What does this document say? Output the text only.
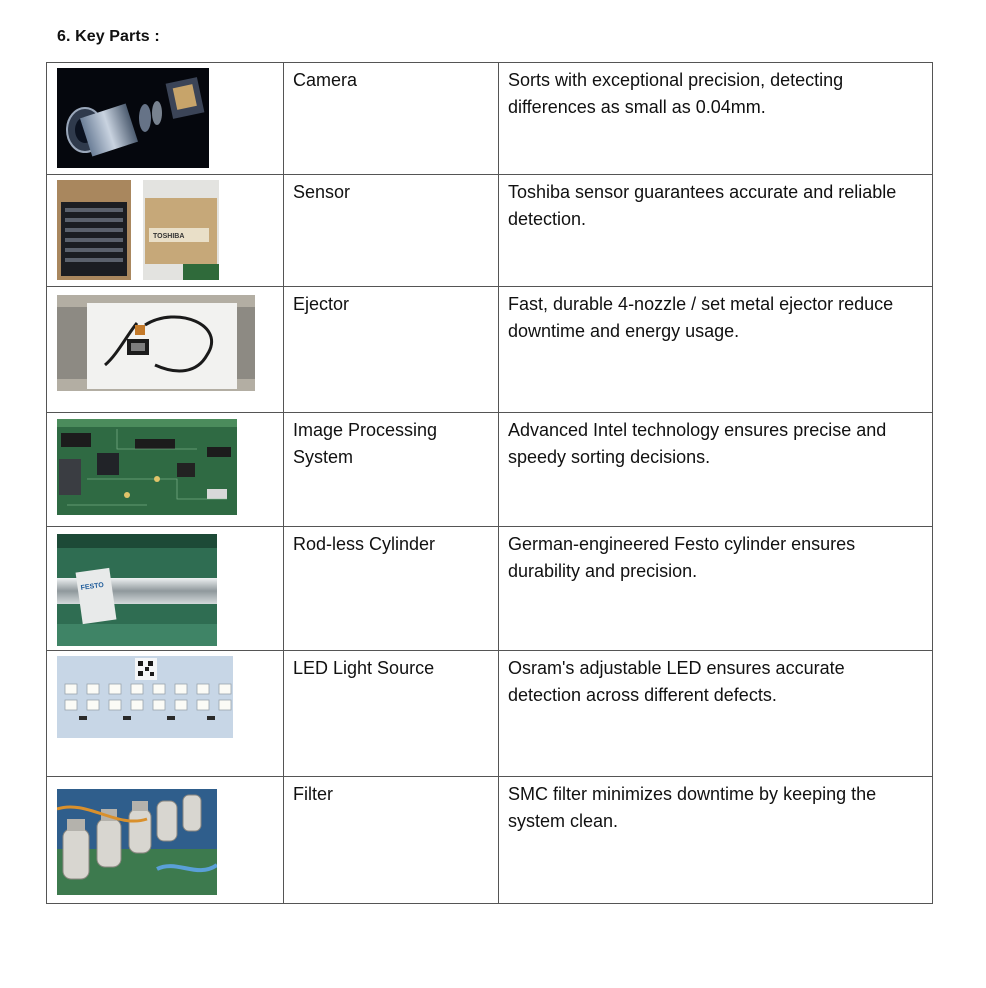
6. Key Parts :

Camera	Sorts with exceptional precision, detecting differences as small as 0.04mm.

TOSHIBA	Sensor	Toshiba sensor guarantees accurate and reliable detection.

Ejector	Fast, durable 4-nozzle / set metal ejector reduce downtime and energy usage.

Image Processing System	Advanced Intel technology ensures precise and speedy sorting decisions.

FESTO	Rod-less Cylinder	German-engineered Festo cylinder ensures durability and precision.

LED Light Source	Osram's adjustable LED ensures accurate detection across different defects.

Filter	SMC filter minimizes downtime by keeping the system clean.
